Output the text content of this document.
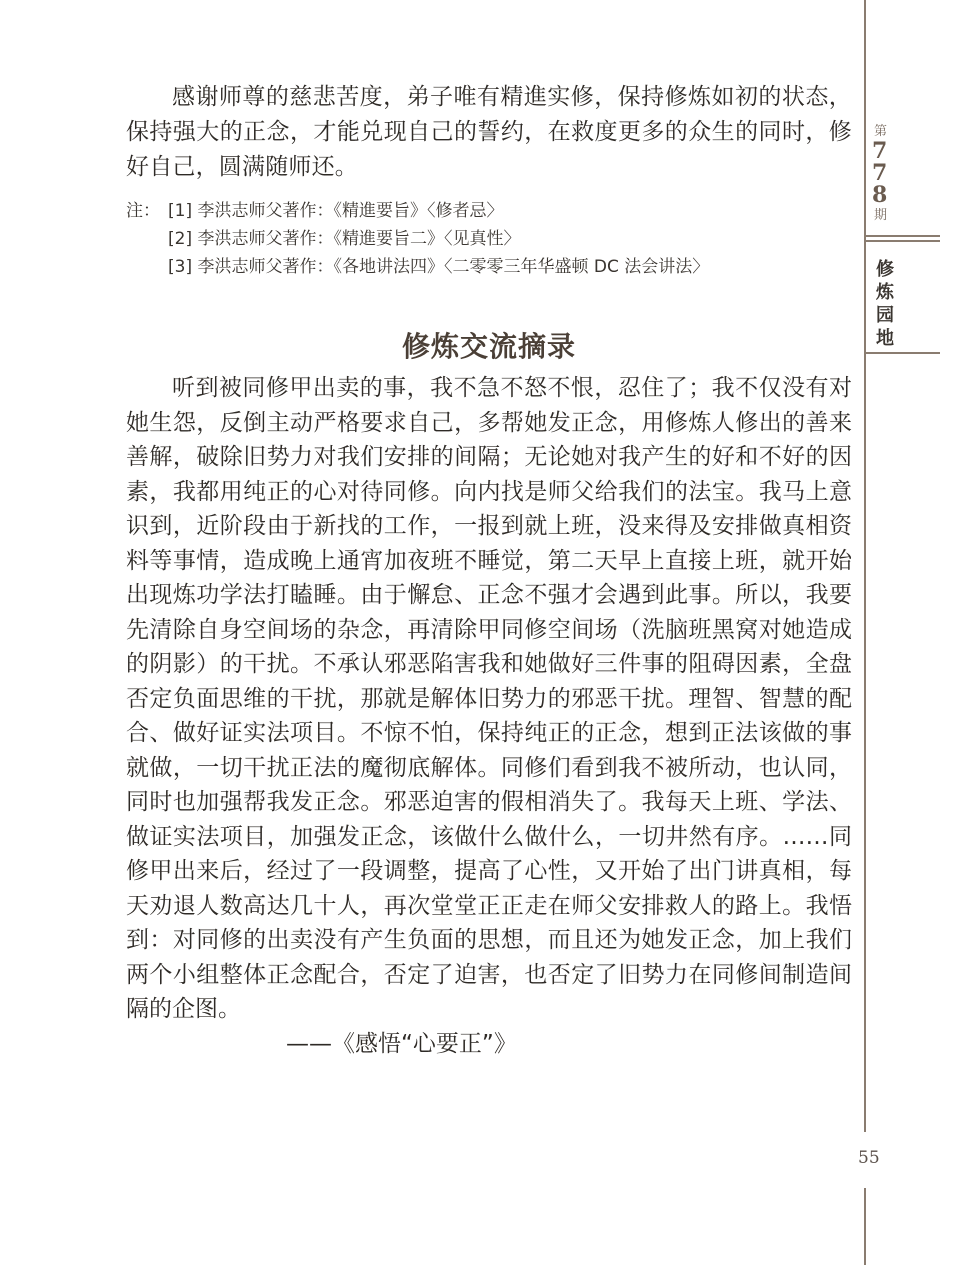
感谢师尊的慈悲苦度，弟子唯有精進实修，保持修炼如初的状态，保持强大的正念，才能兑现自己的誓约，在救度更多的众生的同时，修好自己，圆满随师还。

注： [1] 李洪志师父著作：《精進要旨》〈修者忌〉
[2] 李洪志师父著作：《精進要旨二》〈见真性〉
[3] 李洪志师父著作：《各地讲法四》〈二零零三年华盛顿 DC 法会讲法〉
修炼交流摘录

听到被同修甲出卖的事，我不急不怒不恨，忍住了；我不仅没有对她生怨，反倒主动严格要求自己，多帮她发正念，用修炼人修出的善来善解，破除旧势力对我们安排的间隔；无论她对我产生的好和不好的因素，我都用纯正的心对待同修。向内找是师父给我们的法宝。我马上意识到，近阶段由于新找的工作，一报到就上班，没来得及安排做真相资料等事情，造成晚上通宵加夜班不睡觉，第二天早上直接上班，就开始出现炼功学法打瞌睡。由于懈怠、正念不强才会遇到此事。所以，我要先清除自身空间场的杂念，再清除甲同修空间场（洗脑班黑窝对她造成的阴影）的干扰。不承认邪恶陷害我和她做好三件事的阻碍因素，全盘否定负面思维的干扰，那就是解体旧势力的邪恶干扰。理智、智慧的配合、做好证实法项目。不惊不怕，保持纯正的正念，想到正法该做的事就做，一切干扰正法的魔彻底解体。同修们看到我不被所动，也认同，同时也加强帮我发正念。邪恶迫害的假相消失了。我每天上班、学法、做证实法项目，加强发正念，该做什么做什么，一切井然有序。……同修甲出来后，经过了一段调整，提高了心性，又开始了出门讲真相，每天劝退人数高达几十人，再次堂堂正正走在师父安排救人的路上。我悟到：对同修的出卖没有产生负面的思想，而且还为她发正念，加上我们两个小组整体正念配合，否定了迫害，也否定了旧势力在同修间制造间隔的企图。

——《感悟“心要正”》
第
7
7
8
期
修
炼
园
地
55
